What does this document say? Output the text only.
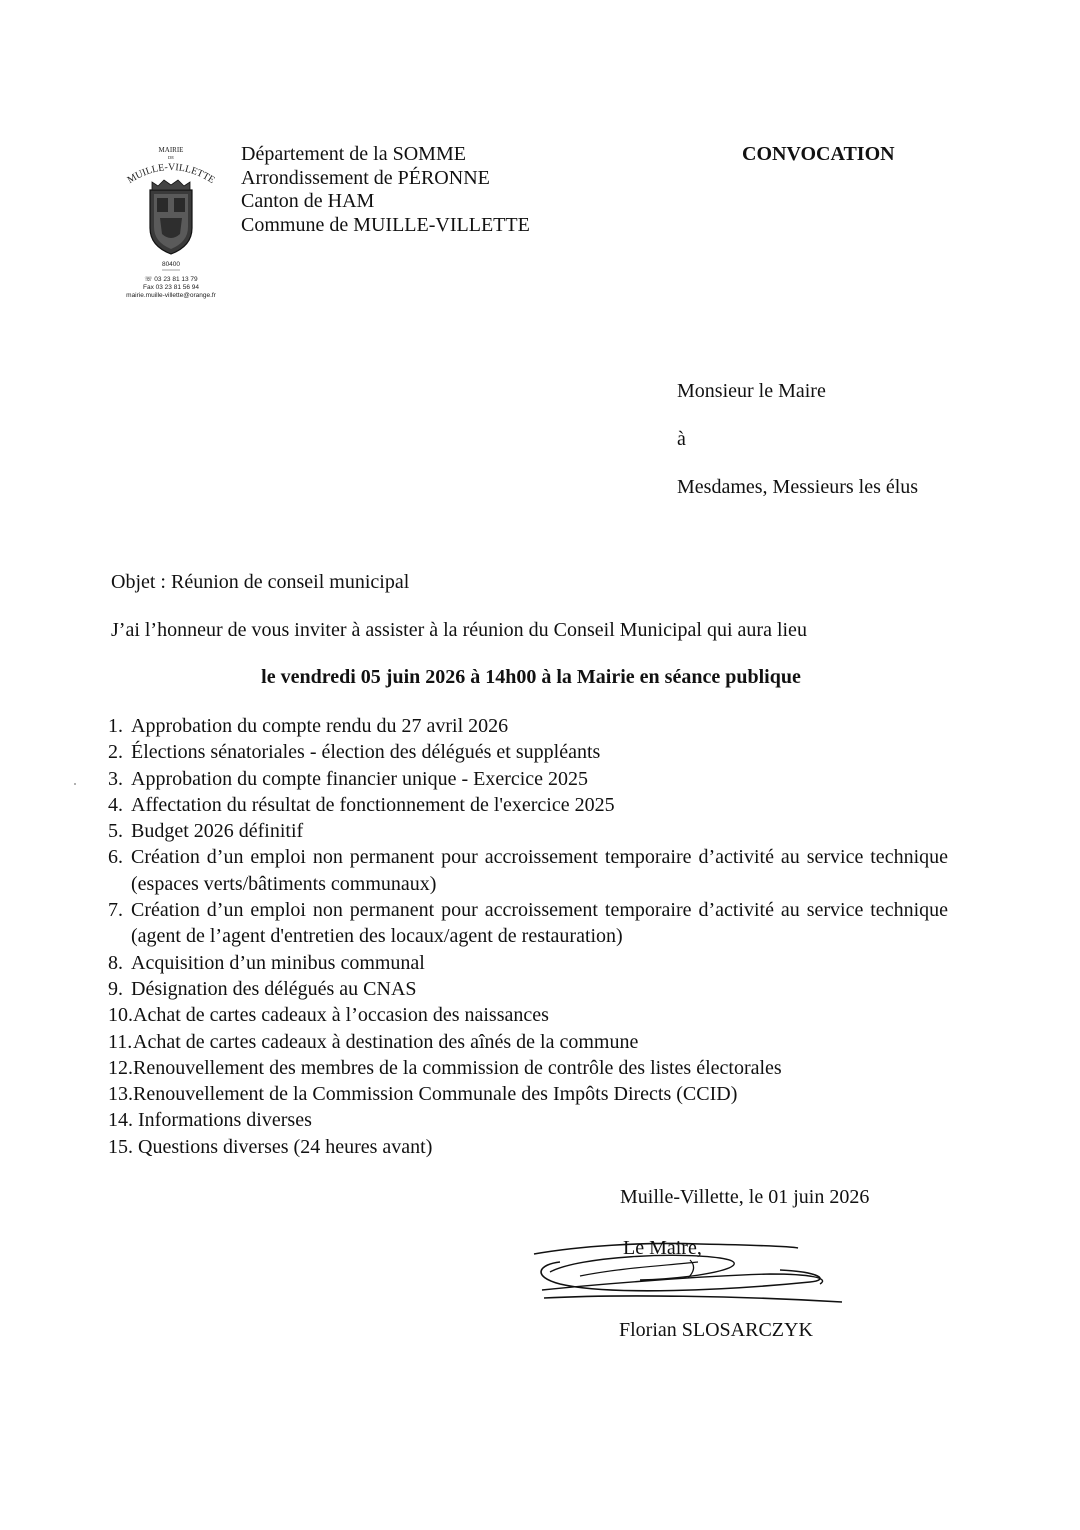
MAIRIE
DE
MUILLE-VILLETTE
80400
☏ 03 23 81 13 79
Fax 03 23 81 56 94
mairie.muille-villette@orange.fr
Département de la SOMME
Arrondissement de PÉRONNE
Canton de HAM
Commune de MUILLE-VILLETTE
CONVOCATION
Monsieur le Maire
à
Mesdames, Messieurs les élus
Objet : Réunion de conseil municipal
J’ai l’honneur de vous inviter à assister à la réunion du Conseil Municipal qui aura lieu
le vendredi 05 juin 2026 à 14h00 à la Mairie en séance publique
1. Approbation du compte rendu du 27 avril 2026
2. Élections sénatoriales - élection des délégués et suppléants
3. Approbation du compte financier unique - Exercice 2025
4. Affectation du résultat de fonctionnement de l'exercice 2025
5. Budget 2026 définitif
6. Création d’un emploi non permanent pour accroissement temporaire d’activité au service technique (espaces verts/bâtiments communaux)
7. Création d’un emploi non permanent pour accroissement temporaire d’activité au service technique (agent de l’agent d'entretien des locaux/agent de restauration)
8. Acquisition d’un minibus communal
9. Désignation des délégués au CNAS
10. Achat de cartes cadeaux à l’occasion des naissances
11. Achat de cartes cadeaux à destination des aînés de la commune
12. Renouvellement des membres de la commission de contrôle des listes électorales
13. Renouvellement de la Commission Communale des Impôts Directs (CCID)
14. Informations diverses
15. Questions diverses (24 heures avant)
Muille-Villette, le 01 juin 2026
Le Maire,
Florian SLOSARCZYK
